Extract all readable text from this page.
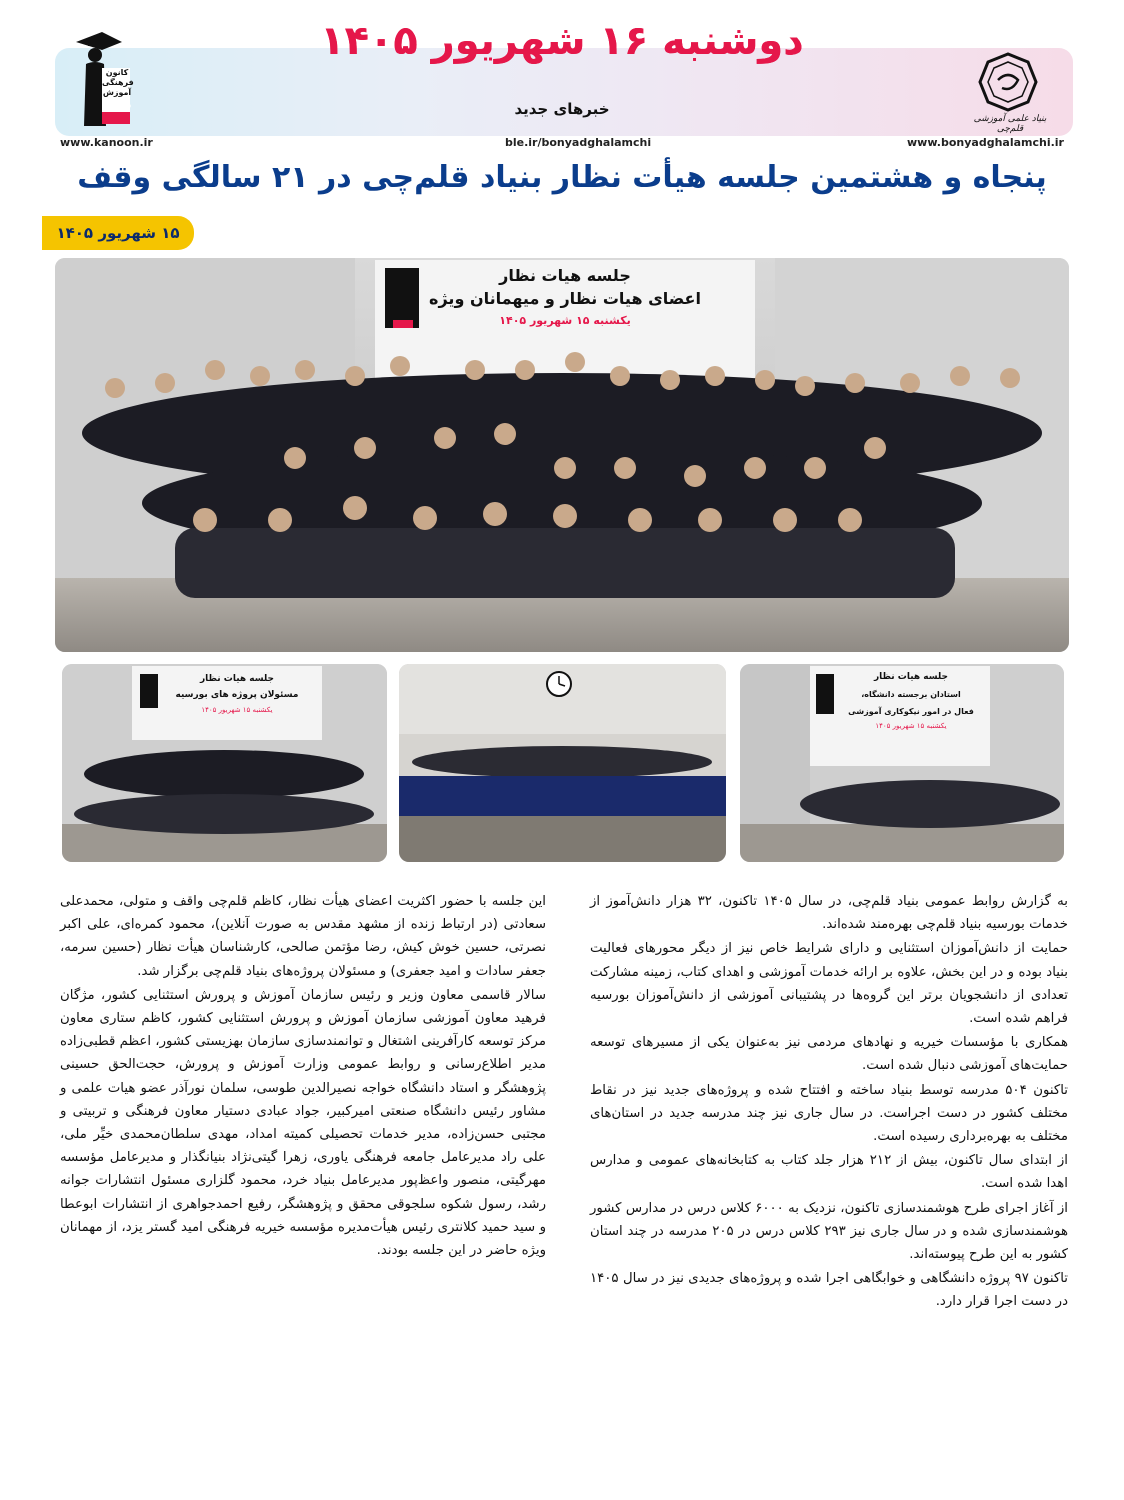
کانون
فرهنگی
آموزش
قلم‌چی
بنیاد علمی آموزشی قلم‌چی
دوشنبه ۱۶ شهریور ۱۴۰۵
خبرهای جدید
www.kanoon.ir	ble.ir/bonyadghalamchi	www.bonyadghalamchi.ir
پنجاه و هشتمین جلسه هیأت نظار بنیاد قلم‌چی در ۲۱ سالگی وقف
۱۵ شهریور ۱۴۰۵
جلسه هیات نظار
اعضای هیات نظار و میهمانان ویژه
یکشنبه ۱۵ شهریور ۱۴۰۵
جلسه هیات نظار
مسئولان پروژه های بورسیه
یکشنبه ۱۵ شهریور ۱۴۰۵
جلسه هیات نظار
استادان برجسته دانشگاه،
فعال در امور نیکوکاری آموزشی
یکشنبه ۱۵ شهریور ۱۴۰۵

به گزارش روابط عمومی بنیاد قلم‌چی، در سال ۱۴۰۵ تاکنون، ۳۲ هزار دانش‌آموز از خدمات بورسیه بنیاد قلم‌چی بهره‌مند شده‌اند.

حمایت از دانش‌آموزان استثنایی و دارای شرایط خاص نیز از دیگر محورهای فعالیت بنیاد بوده و در این بخش، علاوه بر ارائه خدمات آموزشی و اهدای کتاب، زمینه مشارکت تعدادی از دانشجویان برتر این گروه‌ها در پشتیبانی آموزشی از دانش‌آموزان بورسیه فراهم شده است.

همکاری با مؤسسات خیریه و نهادهای مردمی نیز به‌عنوان یکی از مسیرهای توسعه حمایت‌های آموزشی دنبال شده است.

تاکنون ۵۰۴ مدرسه توسط بنیاد ساخته و افتتاح شده و پروژه‌های جدید نیز در نقاط مختلف کشور در دست اجراست. در سال جاری نیز چند مدرسه جدید در استان‌های مختلف به بهره‌برداری رسیده است.

از ابتدای سال تاکنون، بیش از ۲۱۲ هزار جلد کتاب به کتابخانه‌های عمومی و مدارس اهدا شده است.

از آغاز اجرای طرح هوشمندسازی تاکنون، نزدیک به ۶۰۰۰ کلاس درس در مدارس کشور هوشمندسازی شده و در سال جاری نیز ۲۹۳ کلاس درس در ۲۰۵ مدرسه در چند استان کشور به این طرح پیوسته‌اند.

تاکنون ۹۷ پروژه دانشگاهی و خوابگاهی اجرا شده و پروژه‌های جدیدی نیز در سال ۱۴۰۵ در دست اجرا قرار دارد.

این جلسه با حضور اکثریت اعضای هیأت نظار، کاظم قلم‌چی واقف و متولی، محمدعلی سعادتی (در ارتباط زنده از مشهد مقدس به صورت آنلاین)، محمود کمره‌ای، علی اکبر نصرتی، حسین خوش کیش، رضا مؤتمن صالحی، کارشناسان هیأت نظار (حسین سرمه، جعفر سادات و امید جعفری) و مسئولان پروژه‌های بنیاد قلم‌چی برگزار شد.

سالار قاسمی معاون وزیر و رئیس سازمان آموزش و پرورش استثنایی کشور، مژگان فرهید معاون آموزشی سازمان آموزش و پرورش استثنایی کشور، کاظم ستاری معاون مرکز توسعه کارآفرینی اشتغال و توانمندسازی سازمان بهزیستی کشور، اعظم قطبی‌زاده مدیر اطلاع‌رسانی و روابط عمومی وزارت آموزش و پرورش، حجت‌الحق حسینی پژوهشگر و استاد دانشگاه خواجه نصیرالدین طوسی، سلمان نورآذر عضو هیات علمی و مشاور رئیس دانشگاه صنعتی امیرکبیر، جواد عبادی دستیار معاون فرهنگی و تربیتی و مجتبی حسن‌زاده، مدیر خدمات تحصیلی کمیته امداد، مهدی سلطان‌محمدی خیِّر ملی، علی راد مدیرعامل جامعه فرهنگی یاوری، زهرا گیتی‌نژاد بنیانگذار و مدیرعامل مؤسسه مهرگیتی، منصور واعظ‌پور مدیرعامل بنیاد خرد، محمود گلزاری مسئول انتشارات جوانه رشد، رسول شکوه سلجوقی محقق و پژوهشگر، رفیع احمدجواهری از انتشارات ابوعطا و سید حمید کلانتری رئیس هیأت‌مدیره مؤسسه خیریه فرهنگی امید گستر یزد، از مهمانان ویژه حاضر در این جلسه بودند.
